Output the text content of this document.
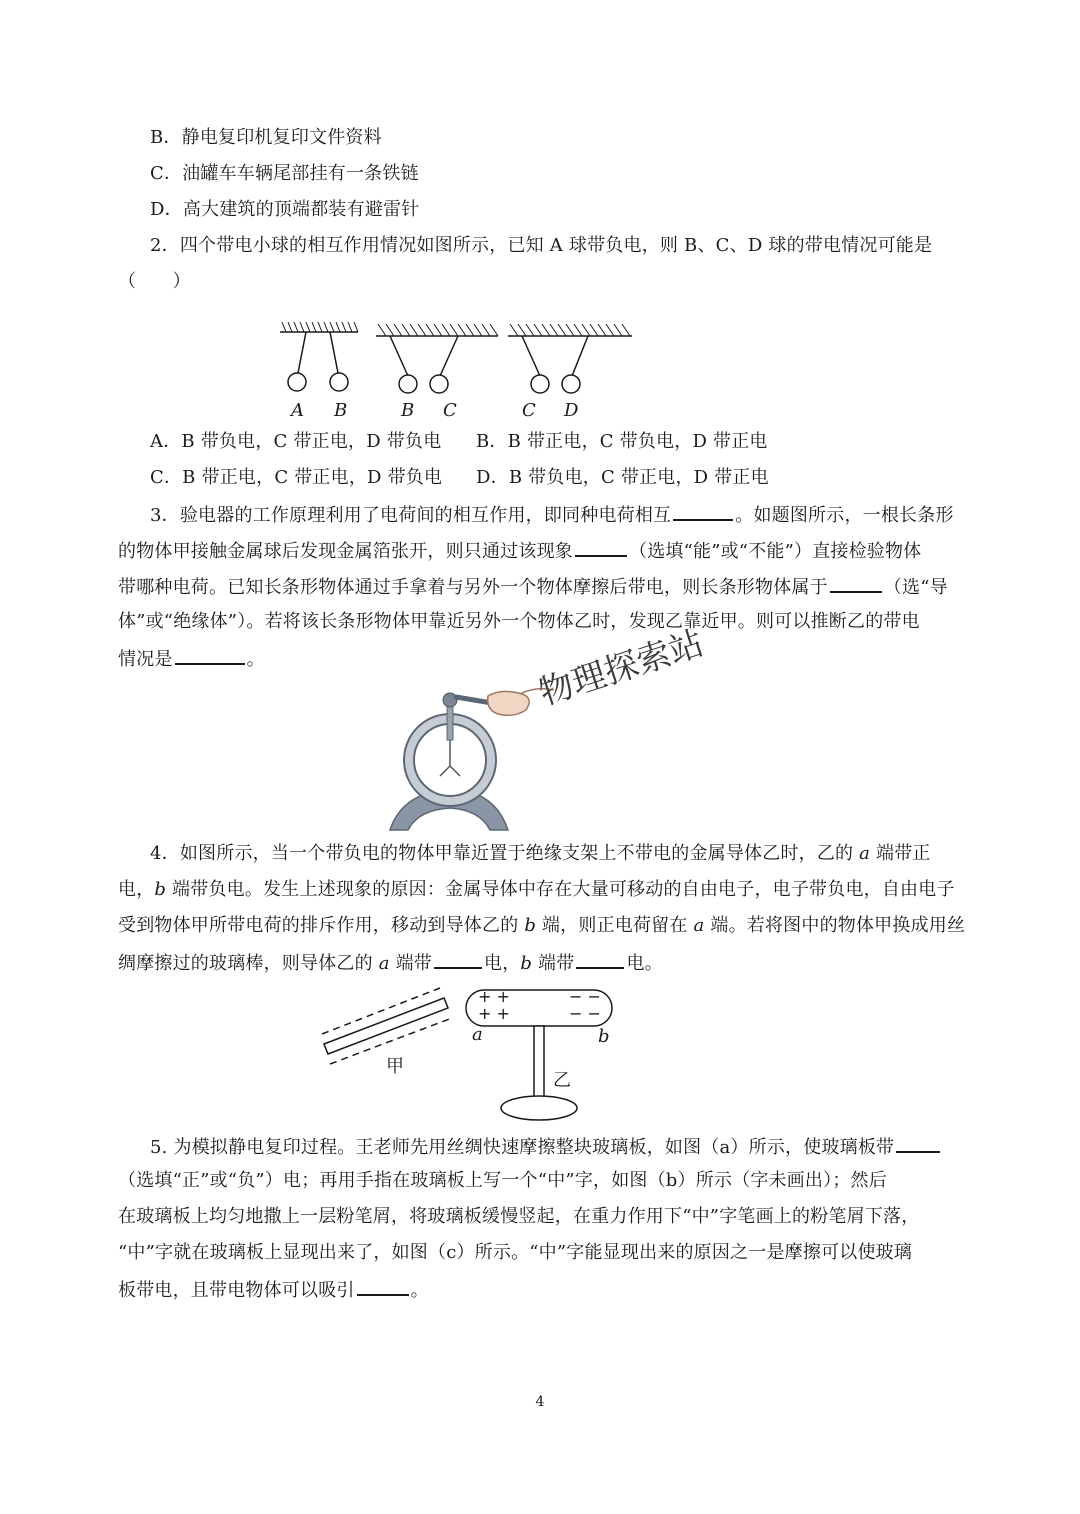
B．静电复印机复印文件资料
C．油罐车车辆尾部挂有一条铁链
D．高大建筑的顶端都装有避雷针
2．四个带电小球的相互作用情况如图所示，已知 A 球带负电，则 B、C、D 球的带电情况可能是
（　　）
A B	B C	C D
A．B 带负电，C 带正电，D 带负电 B．B 带正电，C 带负电，D 带正电
C．B 带正电，C 带正电，D 带负电 D．B 带负电，C 带正电，D 带正电
3．验电器的工作原理利用了电荷间的相互作用，即同种电荷相互	。如题图所示，一根长条形
的物体甲接触金属球后发现金属箔张开，则只通过该现象	（选填“能”或“不能”）直接检验物体
带哪种电荷。已知长条形物体通过手拿着与另外一个物体摩擦后带电，则长条形物体属于	（选“导
体”或“绝缘体”）。若将该长条形物体甲靠近另外一个物体乙时，发现乙靠近甲。则可以推断乙的带电
情况是	。	物理探索站
4．如图所示，当一个带负电的物体甲靠近置于绝缘支架上不带电的金属导体乙时，乙的 a 端带正
电，b 端带负电。发生上述现象的原因：金属导体中存在大量可移动的自由电子，电子带负电，自由电子
受到物体甲所带电荷的排斥作用，移动到导体乙的 b 端，则正电荷留在 a 端。若将图中的物体甲换成用丝
绸摩擦过的玻璃棒，则导体乙的 a 端带	电，b 端带	电。
+ +
+ +
− −
− −
a	b
甲
乙
5. 为模拟静电复印过程。王老师先用丝绸快速摩擦整块玻璃板，如图（a）所示，使玻璃板带
（选填“正”或“负”）电；再用手指在玻璃板上写一个“中”字，如图（b）所示（字未画出）；然后
在玻璃板上均匀地撒上一层粉笔屑，将玻璃板缓慢竖起，在重力作用下“中”字笔画上的粉笔屑下落，
“中”字就在玻璃板上显现出来了，如图（c）所示。“中”字能显现出来的原因之一是摩擦可以使玻璃
板带电，且带电物体可以吸引	。
4
